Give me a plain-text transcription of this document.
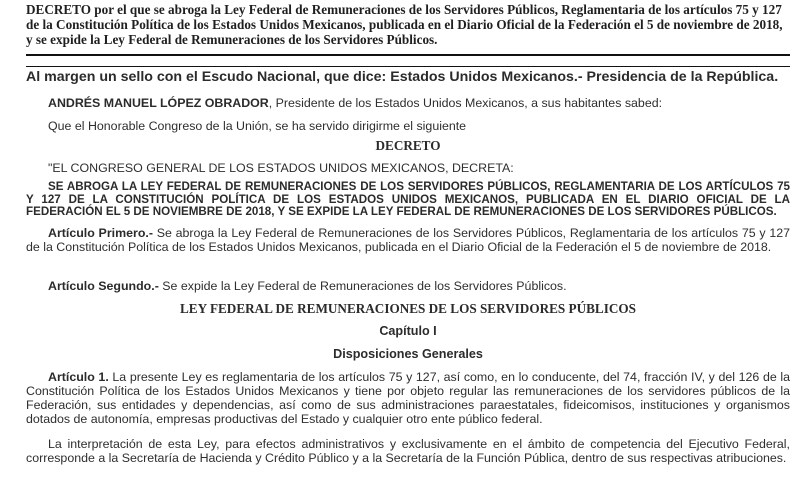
DECRETO por el que se abroga la Ley Federal de Remuneraciones de los Servidores Públicos, Reglamentaria de los artículos 75 y 127 de la Constitución Política de los Estados Unidos Mexicanos, publicada en el Diario Oficial de la Federación el 5 de noviembre de 2018, y se expide la Ley Federal de Remuneraciones de los Servidores Públicos.
Al margen un sello con el Escudo Nacional, que dice: Estados Unidos Mexicanos.- Presidencia de la República.
ANDRÉS MANUEL LÓPEZ OBRADOR, Presidente de los Estados Unidos Mexicanos, a sus habitantes sabed:
Que el Honorable Congreso de la Unión, se ha servido dirigirme el siguiente
DECRETO
"EL CONGRESO GENERAL DE LOS ESTADOS UNIDOS MEXICANOS, DECRETA:
SE ABROGA LA LEY FEDERAL DE REMUNERACIONES DE LOS SERVIDORES PÚBLICOS, REGLAMENTARIA DE LOS ARTÍCULOS 75 Y 127 DE LA CONSTITUCIÓN POLÍTICA DE LOS ESTADOS UNIDOS MEXICANOS, PUBLICADA EN EL DIARIO OFICIAL DE LA FEDERACIÓN EL 5 DE NOVIEMBRE DE 2018, Y SE EXPIDE LA LEY FEDERAL DE REMUNERACIONES DE LOS SERVIDORES PÚBLICOS.
Artículo Primero.- Se abroga la Ley Federal de Remuneraciones de los Servidores Públicos, Reglamentaria de los artículos 75 y 127 de la Constitución Política de los Estados Unidos Mexicanos, publicada en el Diario Oficial de la Federación el 5 de noviembre de 2018.
Artículo Segundo.- Se expide la Ley Federal de Remuneraciones de los Servidores Públicos.
LEY FEDERAL DE REMUNERACIONES DE LOS SERVIDORES PÚBLICOS
Capítulo I
Disposiciones Generales
Artículo 1. La presente Ley es reglamentaria de los artículos 75 y 127, así como, en lo conducente, del 74, fracción IV, y del 126 de la Constitución Política de los Estados Unidos Mexicanos y tiene por objeto regular las remuneraciones de los servidores públicos de la Federación, sus entidades y dependencias, así como de sus administraciones paraestatales, fideicomisos, instituciones y organismos dotados de autonomía, empresas productivas del Estado y cualquier otro ente público federal.
La interpretación de esta Ley, para efectos administrativos y exclusivamente en el ámbito de competencia del Ejecutivo Federal, corresponde a la Secretaría de Hacienda y Crédito Público y a la Secretaría de la Función Pública, dentro de sus respectivas atribuciones.
